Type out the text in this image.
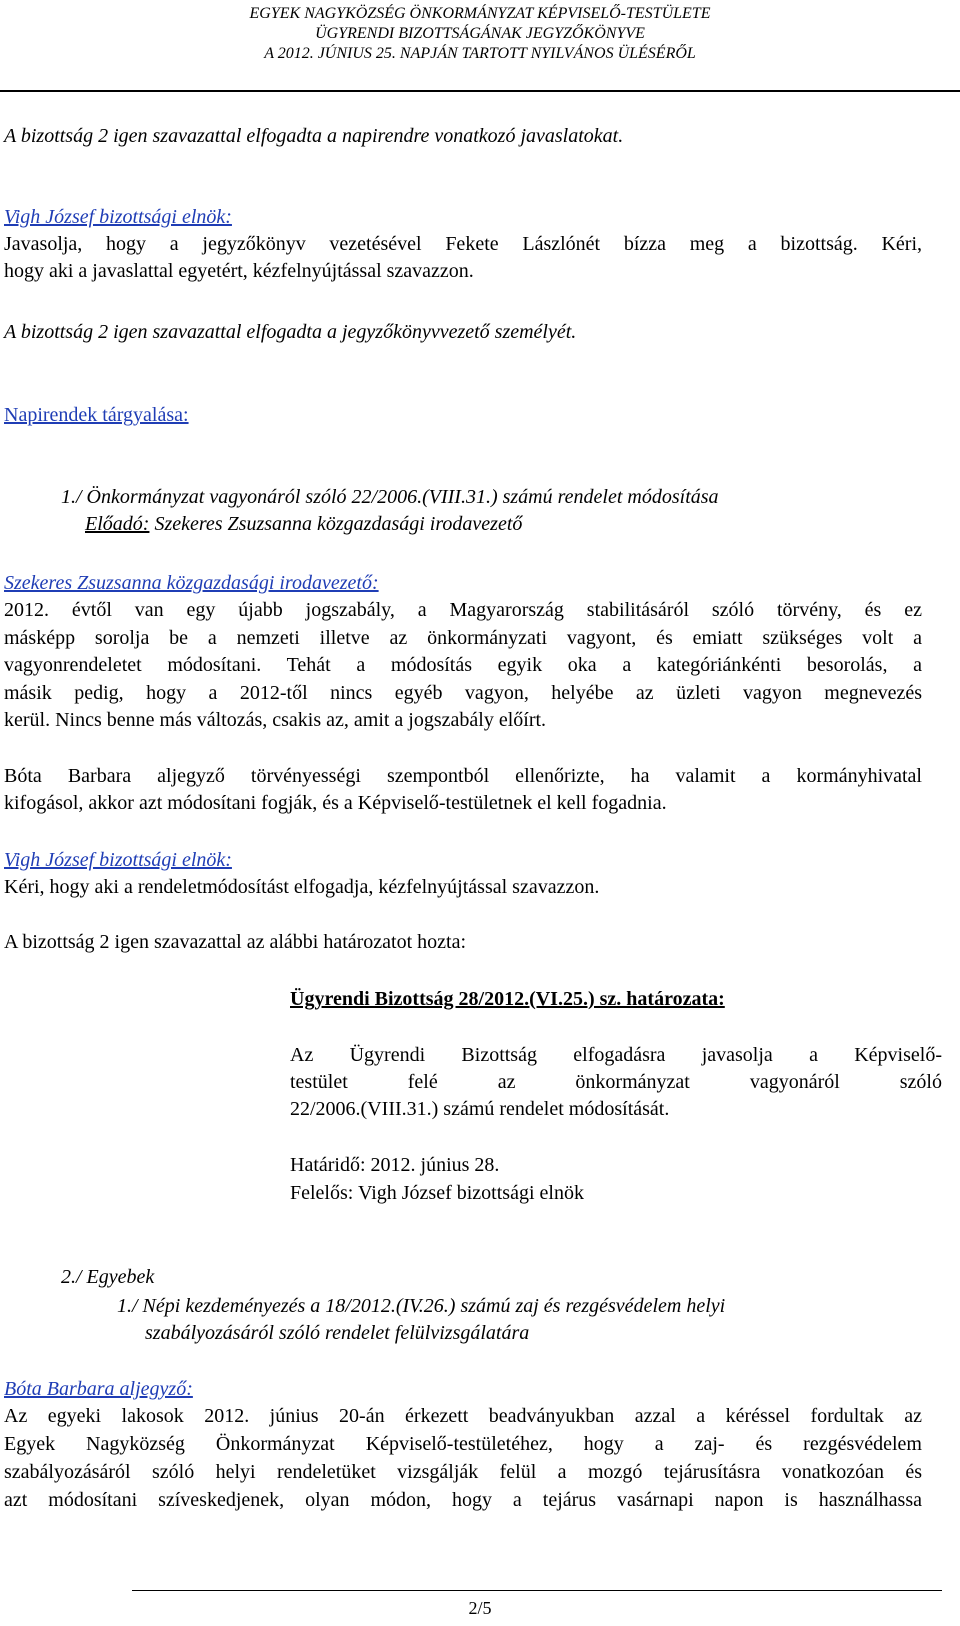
EGYEK NAGYKÖZSÉG ÖNKORMÁNYZAT KÉPVISELŐ-TESTÜLETE
ÜGYRENDI BIZOTTSÁGÁNAK JEGYZŐKÖNYVE
A 2012. JÚNIUS 25. NAPJÁN TARTOTT NYILVÁNOS ÜLÉSÉRŐL
A bizottság 2 igen szavazattal elfogadta a napirendre vonatkozó javaslatokat.
Vigh József bizottsági elnök:
Javasolja, hogy a jegyzőkönyv vezetésével Fekete Lászlónét bízza meg a bizottság. Kéri,
hogy aki a javaslattal egyetért, kézfelnyújtással szavazzon.
A bizottság 2 igen szavazattal elfogadta a jegyzőkönyvvezető személyét.
Napirendek tárgyalása:
1./ Önkormányzat vagyonáról szóló 22/2006.(VIII.31.) számú rendelet módosítása
Előadó: Szekeres Zsuzsanna közgazdasági irodavezető
Szekeres Zsuzsanna közgazdasági irodavezető:
2012. évtől van egy újabb jogszabály, a Magyarország stabilitásáról szóló törvény, és ez
másképp sorolja be a nemzeti illetve az önkormányzati vagyont, és emiatt szükséges volt a
vagyonrendeletet módosítani. Tehát a módosítás egyik oka a kategóriánkénti besorolás, a
másik pedig, hogy a 2012-től nincs egyéb vagyon, helyébe az üzleti vagyon megnevezés
kerül. Nincs benne más változás, csakis az, amit a jogszabály előírt.
Bóta Barbara aljegyző törvényességi szempontból ellenőrizte, ha valamit a kormányhivatal
kifogásol, akkor azt módosítani fogják, és a Képviselő-testületnek el kell fogadnia.
Vigh József bizottsági elnök:
Kéri, hogy aki a rendeletmódosítást elfogadja, kézfelnyújtással szavazzon.
A bizottság 2 igen szavazattal az alábbi határozatot hozta:
Ügyrendi Bizottság 28/2012.(VI.25.) sz. határozata:
Az Ügyrendi Bizottság elfogadásra javasolja a Képviselő-
testület felé az önkormányzat vagyonáról szóló
22/2006.(VIII.31.) számú rendelet módosítását.
Határidő: 2012. június 28.
Felelős: Vigh József bizottsági elnök
2./ Egyebek
1./ Népi kezdeményezés a 18/2012.(IV.26.) számú zaj és rezgésvédelem helyi
szabályozásáról szóló rendelet felülvizsgálatára
Bóta Barbara aljegyző:
Az egyeki lakosok 2012. június 20-án érkezett beadványukban azzal a kéréssel fordultak az
Egyek Nagyközség Önkormányzat Képviselő-testületéhez, hogy a zaj- és rezgésvédelem
szabályozásáról szóló helyi rendeletüket vizsgálják felül a mozgó tejárusításra vonatkozóan és
azt módosítani szíveskedjenek, olyan módon, hogy a tejárus vasárnapi napon is használhassa
2/5
